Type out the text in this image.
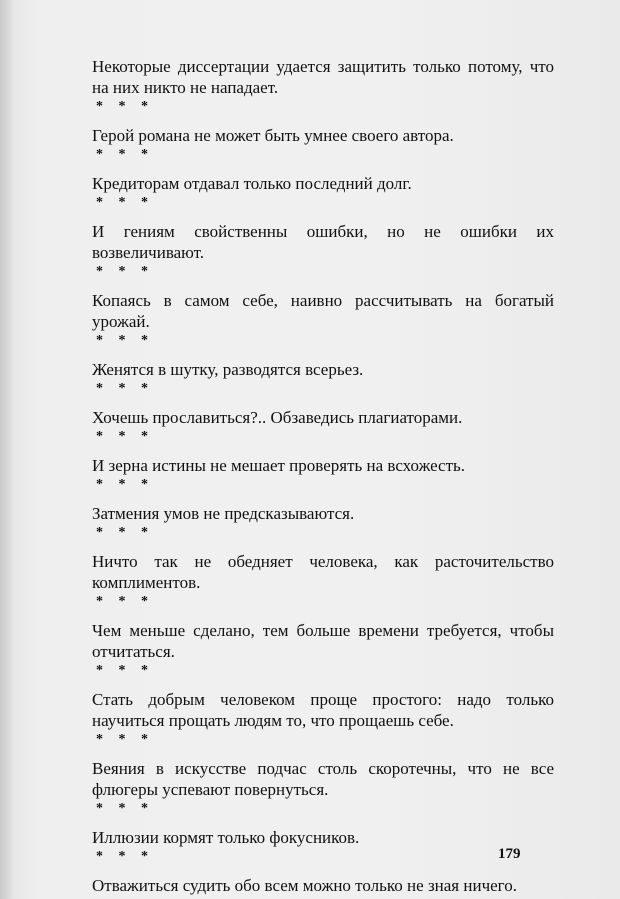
Некоторые диссертации удается защитить только потому, что на них никто не нападает.

* * *

Герой романа не может быть умнее своего автора.

* * *

Кредиторам отдавал только последний долг.

* * *

И гениям свойственны ошибки, но не ошибки их возвеличивают.

* * *

Копаясь в самом себе, наивно рассчитывать на богатый урожай.

* * *

Женятся в шутку, разводятся всерьез.

* * *

Хочешь прославиться?.. Обзаведись плагиаторами.

* * *

И зерна истины не мешает проверять на всхожесть.

* * *

Затмения умов не предсказываются.

* * *

Ничто так не обедняет человека, как расточительство комплиментов.

* * *

Чем меньше сделано, тем больше времени требуется, чтобы отчитаться.

* * *

Стать добрым человеком проще простого: надо только научиться прощать людям то, что прощаешь себе.

* * *

Веяния в искусстве подчас столь скоротечны, что не все флюгеры успевают повернуться.

* * *

Иллюзии кормят только фокусников.

* * *

Отважиться судить обо всем можно только не зная ничего.

179
